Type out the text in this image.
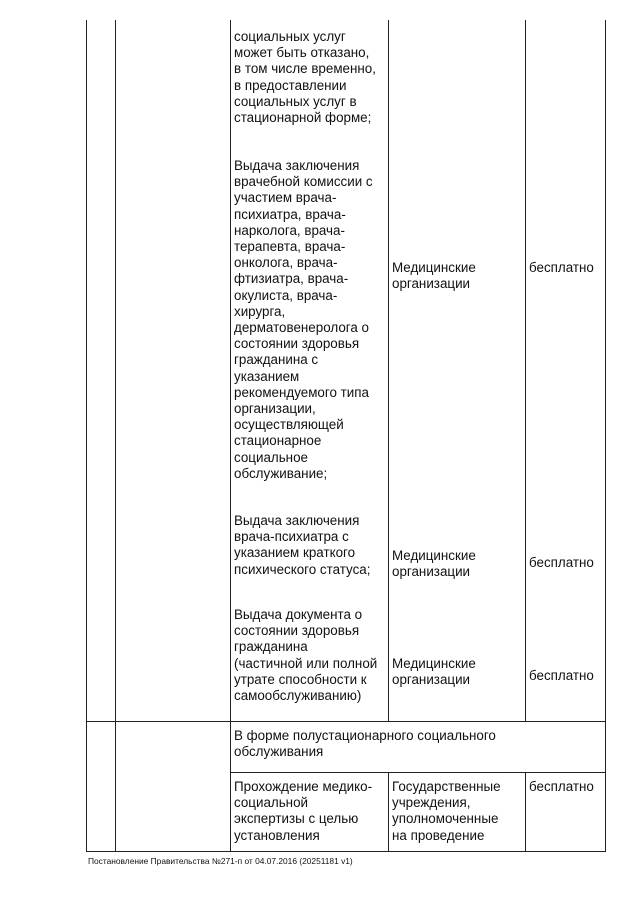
социальных услуг
может быть отказано,
в том числе временно,
в предоставлении
социальных услуг в
стационарной форме;

Выдача заключения
врачебной комиссии с
участием врача-
психиатра, врача-
нарколога, врача-
терапевта, врача-
онколога, врача-
фтизиатра, врача-
окулиста, врача-
хирурга,
дерматовенеролога о
состоянии здоровья
гражданина с
указанием
рекомендуемого типа
организации,
осуществляющей
стационарное
социальное
обслуживание;

Медицинские
организации

бесплатно

Выдача заключения
врача-психиатра с
указанием краткого
психического статуса;

Медицинские
организации

бесплатно

Выдача документа о
состоянии здоровья
гражданина
(частичной или полной
утрате способности к
самообслуживанию)

Медицинские
организации	бесплатно

В форме полустационарного социального
обслуживания

Прохождение медико-
социальной
экспертизы с целью
установления

Государственные
учреждения,
уполномоченные
на проведение

бесплатно

Постановление Правительства №271-п от 04.07.2016 (20251181 v1)
